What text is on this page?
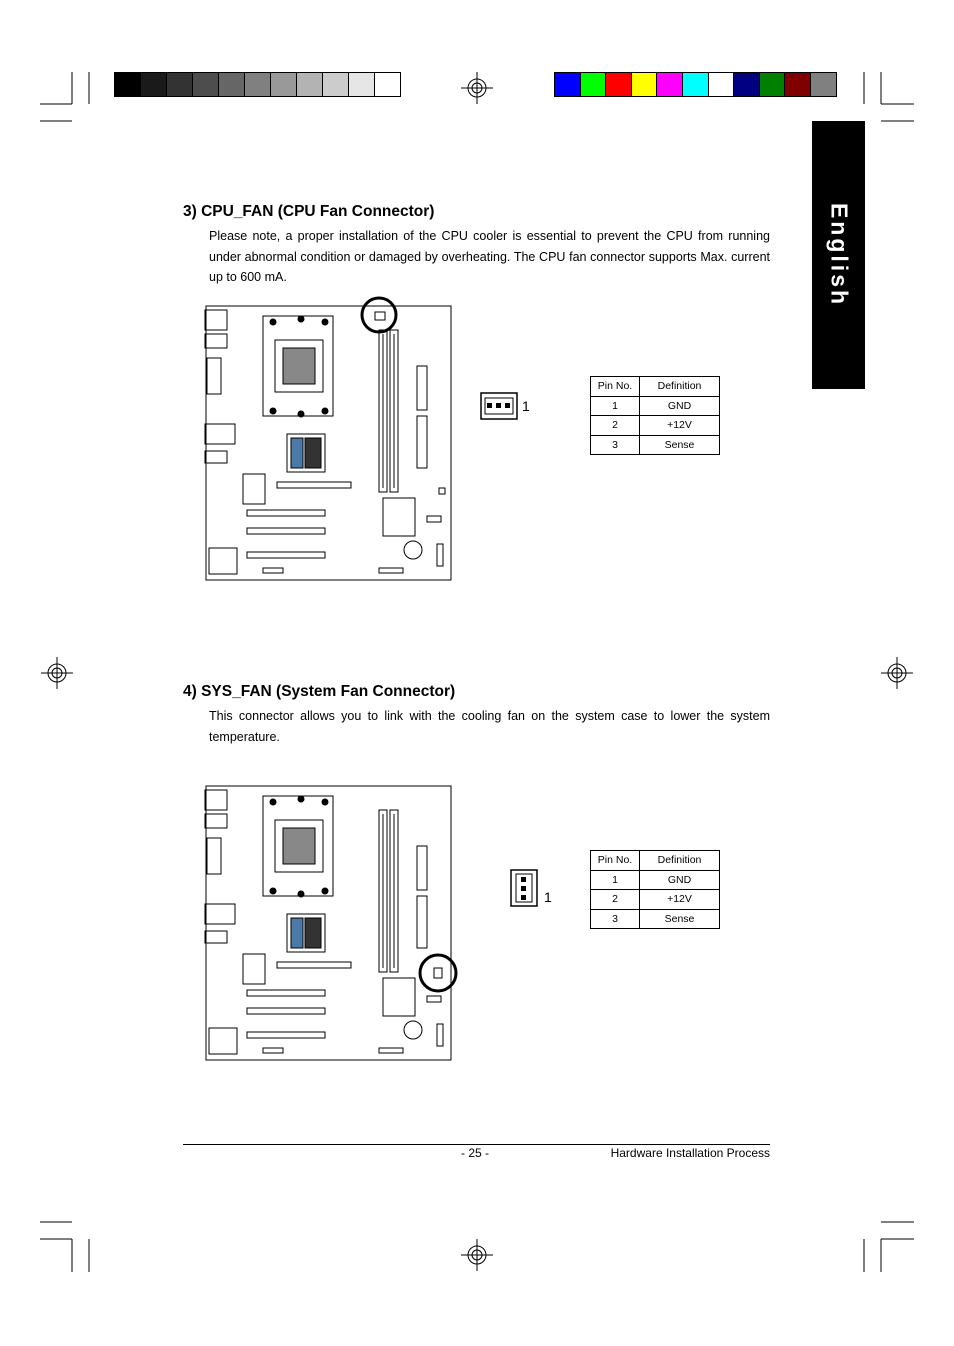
English
3) CPU_FAN (CPU Fan Connector)

Please note, a proper installation of the CPU cooler is essential to prevent the CPU from running under abnormal condition or damaged by overheating. The CPU fan connector supports Max. current up to 600 mA.

1
Pin No.	Definition
1	GND
2	+12V
3	Sense
4) SYS_FAN (System Fan Connector)

This connector allows you to link with the cooling fan on the system case to lower the system temperature.

1
Pin No.	Definition
1	GND
2	+12V
3	Sense
- 25 -	Hardware Installation Process
